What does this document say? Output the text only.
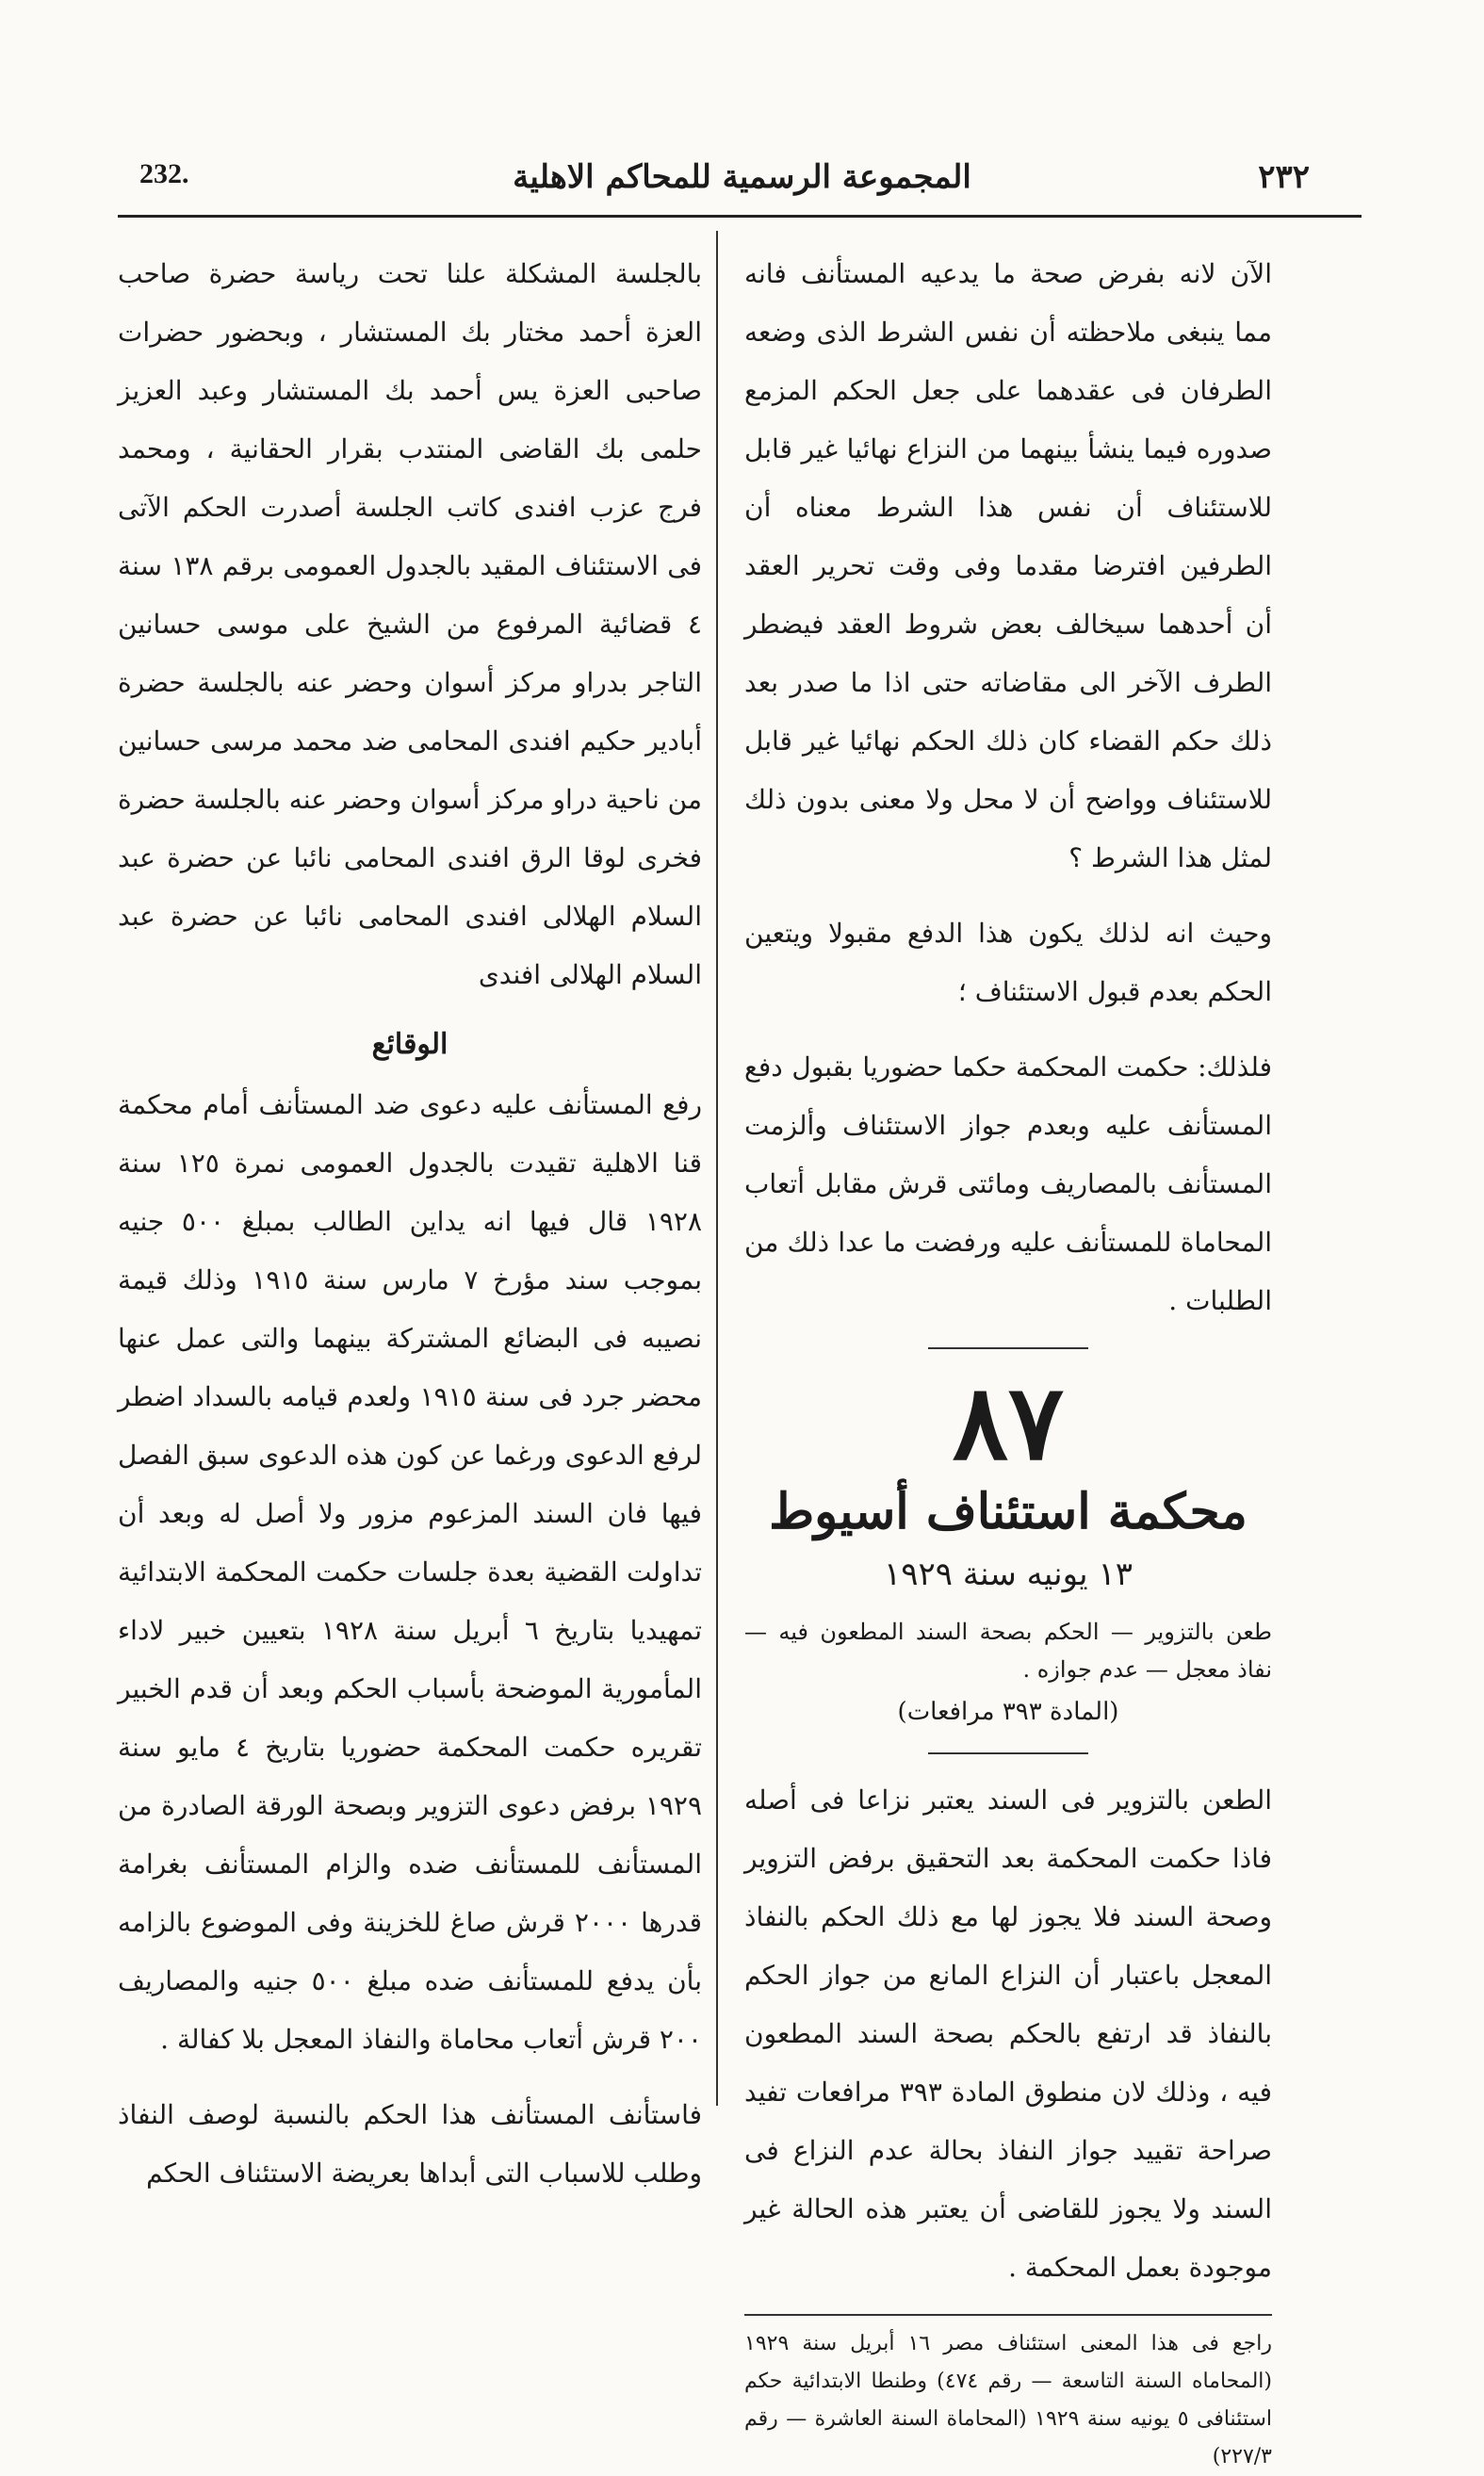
232.	المجموعة الرسمية للمحاكم الاهلية	٢٣٢

الآن لانه بفرض صحة ما يدعيه المستأنف فانه مما ينبغى ملاحظته أن نفس الشرط الذى وضعه الطرفان فى عقدهما على جعل الحكم المزمع صدوره فيما ينشأ بينهما من النزاع نهائيا غير قابل للاستئناف أن نفس هذا الشرط معناه أن الطرفين افترضا مقدما وفى وقت تحرير العقد أن أحدهما سيخالف بعض شروط العقد فيضطر الطرف الآخر الى مقاضاته حتى اذا ما صدر بعد ذلك حكم القضاء كان ذلك الحكم نهائيا غير قابل للاستئناف وواضح أن لا محل ولا معنى بدون ذلك لمثل هذا الشرط ؟

وحيث انه لذلك يكون هذا الدفع مقبولا ويتعين الحكم بعدم قبول الاستئناف ؛

فلذلك: حكمت المحكمة حكما حضوريا بقبول دفع المستأنف عليه وبعدم جواز الاستئناف وألزمت المستأنف بالمصاريف ومائتى قرش مقابل أتعاب المحاماة للمستأنف عليه ورفضت ما عدا ذلك من الطلبات .

٨٧
محكمة استئناف أسيوط
١٣ يونيه سنة ١٩٢٩
طعن بالتزوير — الحكم بصحة السند المطعون فيه — نفاذ معجل — عدم جوازه .
(المادة ٣٩٣ مرافعات)

الطعن بالتزوير فى السند يعتبر نزاعا فى أصله فاذا حكمت المحكمة بعد التحقيق برفض التزوير وصحة السند فلا يجوز لها مع ذلك الحكم بالنفاذ المعجل باعتبار أن النزاع المانع من جواز الحكم بالنفاذ قد ارتفع بالحكم بصحة السند المطعون فيه ، وذلك لان منطوق المادة ٣٩٣ مرافعات تفيد صراحة تقييد جواز النفاذ بحالة عدم النزاع فى السند ولا يجوز للقاضى أن يعتبر هذه الحالة غير موجودة بعمل المحكمة .

راجع فى هذا المعنى استئناف مصر ١٦ أبريل سنة ١٩٢٩ (المحاماه السنة التاسعة — رقم ٤٧٤) وطنطا الابتدائية حكم استئنافى ٥ يونيه سنة ١٩٢٩ (المحاماة السنة العاشرة — رقم ٢٢٧/٣)

بالجلسة المشكلة علنا تحت رياسة حضرة صاحب العزة أحمد مختار بك المستشار ، وبحضور حضرات صاحبى العزة يس أحمد بك المستشار وعبد العزيز حلمى بك القاضى المنتدب بقرار الحقانية ، ومحمد فرج عزب افندى كاتب الجلسة أصدرت الحكم الآتى فى الاستئناف المقيد بالجدول العمومى برقم ١٣٨ سنة ٤ قضائية المرفوع من الشيخ على موسى حسانين التاجر بدراو مركز أسوان وحضر عنه بالجلسة حضرة أبادير حكيم افندى المحامى ضد محمد مرسى حسانين من ناحية دراو مركز أسوان وحضر عنه بالجلسة حضرة فخرى لوقا الرق افندى المحامى نائبا عن حضرة عبد السلام الهلالى افندى المحامى نائبا عن حضرة عبد السلام الهلالى افندى

الوقائع

رفع المستأنف عليه دعوى ضد المستأنف أمام محكمة قنا الاهلية تقيدت بالجدول العمومى نمرة ١٢٥ سنة ١٩٢٨ قال فيها انه يداين الطالب بمبلغ ٥٠٠ جنيه بموجب سند مؤرخ ٧ مارس سنة ١٩١٥ وذلك قيمة نصيبه فى البضائع المشتركة بينهما والتى عمل عنها محضر جرد فى سنة ١٩١٥ ولعدم قيامه بالسداد اضطر لرفع الدعوى ورغما عن كون هذه الدعوى سبق الفصل فيها فان السند المزعوم مزور ولا أصل له وبعد أن تداولت القضية بعدة جلسات حكمت المحكمة الابتدائية تمهيديا بتاريخ ٦ أبريل سنة ١٩٢٨ بتعيين خبير لاداء المأمورية الموضحة بأسباب الحكم وبعد أن قدم الخبير تقريره حكمت المحكمة حضوريا بتاريخ ٤ مايو سنة ١٩٢٩ برفض دعوى التزوير وبصحة الورقة الصادرة من المستأنف للمستأنف ضده والزام المستأنف بغرامة قدرها ٢٠٠٠ قرش صاغ للخزينة وفى الموضوع بالزامه بأن يدفع للمستأنف ضده مبلغ ٥٠٠ جنيه والمصاريف ٢٠٠ قرش أتعاب محاماة والنفاذ المعجل بلا كفالة .

فاستأنف المستأنف هذا الحكم بالنسبة لوصف النفاذ وطلب للاسباب التى أبداها بعريضة الاستئناف الحكم
